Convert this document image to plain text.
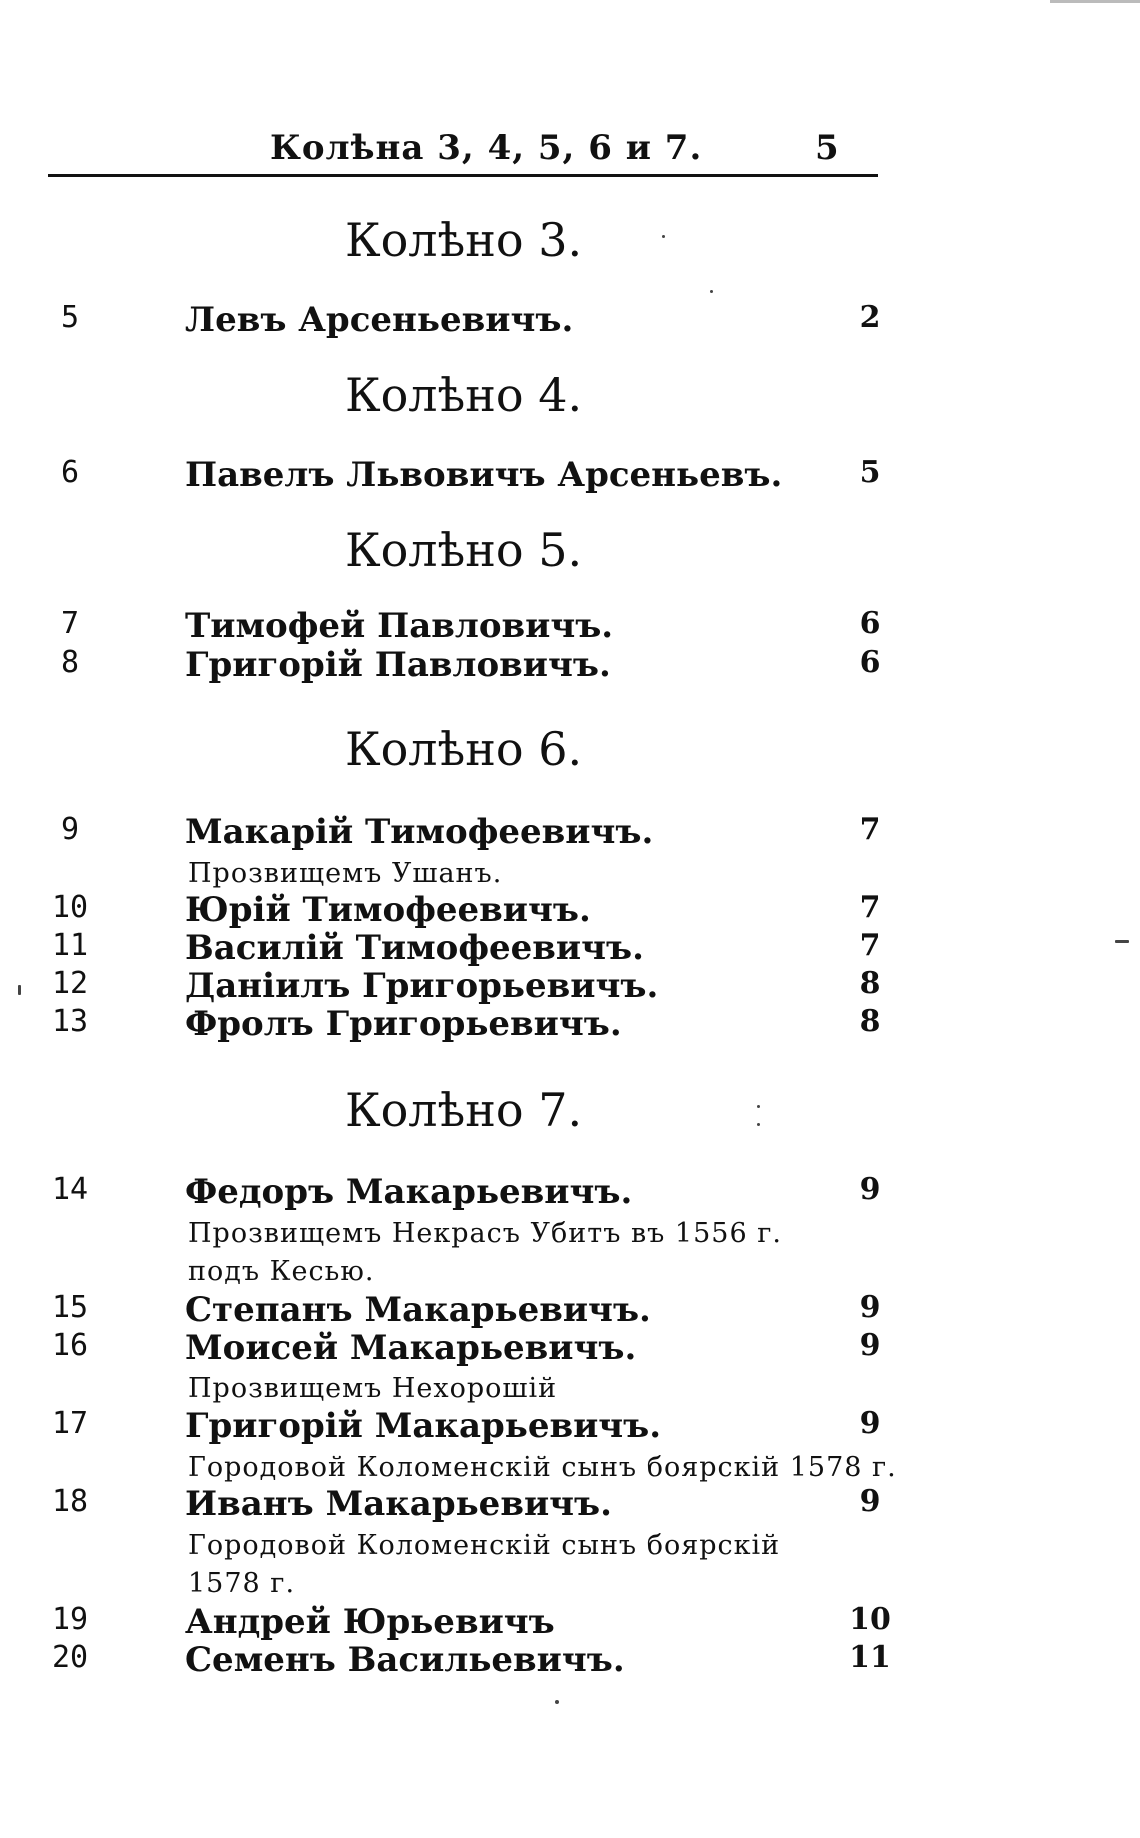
Колѣна 3, 4, 5, 6 и 7.	5
Колѣно 3.
5	Левъ Арсеньевичъ.	2
Колѣно 4.
6	Павелъ Львовичъ Арсеньевъ.	5
Колѣно 5.
7	Тимофей Павловичъ.	6
8	Григорій Павловичъ.	6
Колѣно 6.
9	Макарій Тимофеевичъ.	7
Прозвищемъ Ушанъ.
10	Юрій Тимофеевичъ.	7
11	Василій Тимофеевичъ.	7
12	Даніилъ Григорьевичъ.	8
13	Фролъ Григорьевичъ.	8
Колѣно 7.
14	Федоръ Макарьевичъ.	9
Прозвищемъ Некрасъ Убитъ въ 1556 г.
подъ Кесью.
15	Степанъ Макарьевичъ.	9
16	Моисей Макарьевичъ.	9
Прозвищемъ Нехорошій
17	Григорій Макарьевичъ.	9
Городовой Коломенскій сынъ боярскій 1578 г.
18	Иванъ Макарьевичъ.	9
Городовой Коломенскій сынъ боярскій
1578 г.
19	Андрей Юрьевичъ	10
20	Семенъ Васильевичъ.	11
